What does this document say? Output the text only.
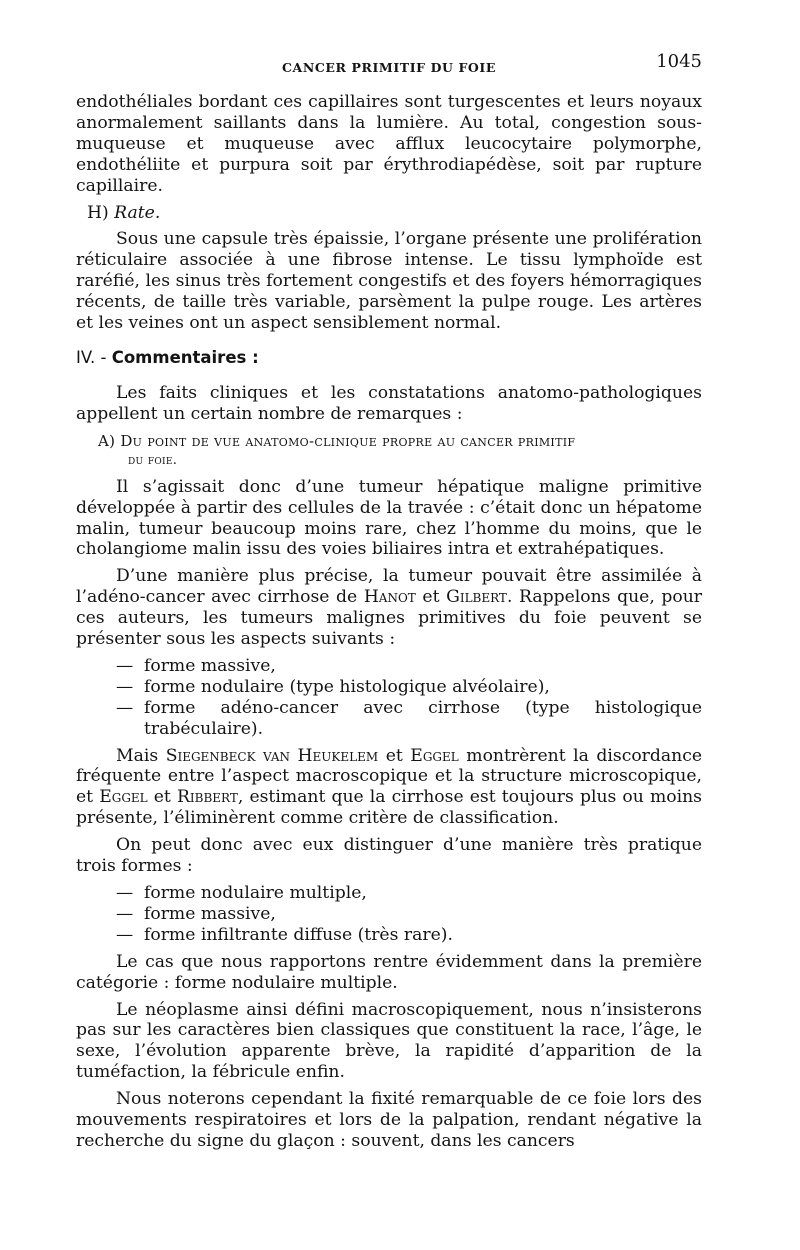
CANCER PRIMITIF DU FOIE	1045

endothéliales bordant ces capillaires sont turgescentes et leurs noyaux anormalement saillants dans la lumière. Au total, congestion sous-muqueuse et muqueuse avec afflux leucocytaire polymorphe, endothéliite et purpura soit par érythrodiapédèse, soit par rupture capillaire.

H) Rate.

Sous une capsule très épaissie, l’organe présente une prolifération réticulaire associée à une fibrose intense. Le tissu lymphoïde est raréfié, les sinus très fortement congestifs et des foyers hémorragiques récents, de taille très variable, parsèment la pulpe rouge. Les artères et les veines ont un aspect sensiblement normal.

IV. - Commentaires :

Les faits cliniques et les constatations anatomo-pathologiques appellent un certain nombre de remarques :

A) Du point de vue anatomo-clinique propre au cancer primitif
du foie.

Il s’agissait donc d’une tumeur hépatique maligne primitive développée à partir des cellules de la travée : c’était donc un hépatome malin, tumeur beaucoup moins rare, chez l’homme du moins, que le cholangiome malin issu des voies biliaires intra et extrahépatiques.

D’une manière plus précise, la tumeur pouvait être assimilée à l’adéno-cancer avec cirrhose de Hanot et Gilbert. Rappelons que, pour ces auteurs, les tumeurs malignes primitives du foie peuvent se présenter sous les aspects suivants :

— forme massive,
— forme nodulaire (type histologique alvéolaire),
— forme adéno-cancer avec cirrhose (type histologique trabéculaire).

Mais Siegenbeck van Heukelem et Eggel montrèrent la discordance fréquente entre l’aspect macroscopique et la structure microscopique, et Eggel et Ribbert, estimant que la cirrhose est toujours plus ou moins présente, l’éliminèrent comme critère de classification.

On peut donc avec eux distinguer d’une manière très pratique trois formes :

— forme nodulaire multiple,
— forme massive,
— forme infiltrante diffuse (très rare).

Le cas que nous rapportons rentre évidemment dans la première catégorie : forme nodulaire multiple.

Le néoplasme ainsi défini macroscopiquement, nous n’insisterons pas sur les caractères bien classiques que constituent la race, l’âge, le sexe, l’évolution apparente brève, la rapidité d’apparition de la tuméfaction, la fébricule enfin.

Nous noterons cependant la fixité remarquable de ce foie lors des mouvements respiratoires et lors de la palpation, rendant négative la recherche du signe du glaçon : souvent, dans les cancers
